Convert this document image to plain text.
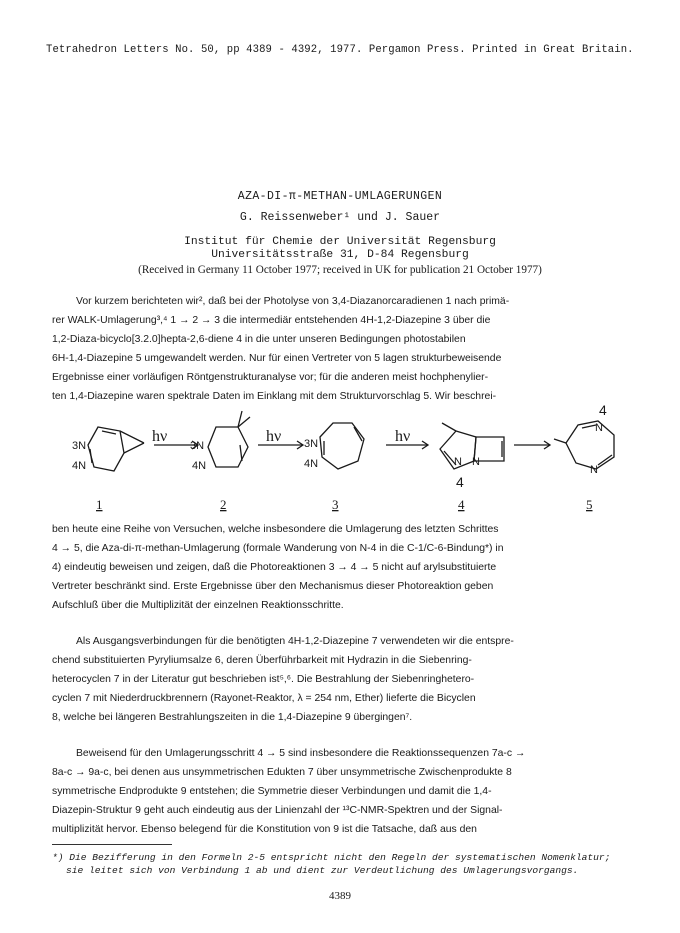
Tetrahedron Letters No. 50, pp 4389 - 4392, 1977. Pergamon Press. Printed in Great Britain.
AZA-DI-π-METHAN-UMLAGERUNGEN
G. Reissenweber¹ und J. Sauer
Institut für Chemie der Universität Regensburg
Universitätsstraße 31, D-84 Regensburg
(Received in Germany 11 October 1977; received in UK for publication 21 October 1977)
Vor kurzem berichteten wir², daß bei der Photolyse von 3,4-Diazanorcaradienen 1 nach primä-
rer WALK-Umlagerung³,⁴ 1 → 2 → 3 die intermediär entstehenden 4H-1,2-Diazepine 3 über die
1,2-Diaza-bicyclo[3.2.0]hepta-2,6-diene 4 in die unter unseren Bedingungen photostabilen
6H-1,4-Diazepine 5 umgewandelt werden. Nur für einen Vertreter von 5 lagen strukturbeweisende
Ergebnisse einer vorläufigen Röntgenstrukturanalyse vor; für die anderen meist hochphenylier-
ten 1,4-Diazepine waren spektrale Daten im Einklang mit dem Strukturvorschlag 5. Wir beschrei-
3N
4N
3N
4N
3N
4N	N N
N
N
4
4
hν	hν	hν
1	2	3	4	5
ben heute eine Reihe von Versuchen, welche insbesondere die Umlagerung des letzten Schrittes
4 → 5, die Aza-di-π-methan-Umlagerung (formale Wanderung von N-4 in die C-1/C-6-Bindung*) in
4) eindeutig beweisen und zeigen, daß die Photoreaktionen 3 → 4 → 5 nicht auf arylsubstituierte
Vertreter beschränkt sind. Erste Ergebnisse über den Mechanismus dieser Photoreaktion geben
Aufschluß über die Multiplizität der einzelnen Reaktionsschritte.
Als Ausgangsverbindungen für die benötigten 4H-1,2-Diazepine 7 verwendeten wir die entspre-
chend substituierten Pyryliumsalze 6, deren Überführbarkeit mit Hydrazin in die Siebenring-
heterocyclen 7 in der Literatur gut beschrieben ist⁵,⁶. Die Bestrahlung der Siebenringhetero-
cyclen 7 mit Niederdruckbrennern (Rayonet-Reaktor, λ = 254 nm, Ether) lieferte die Bicyclen
8, welche bei längeren Bestrahlungszeiten in die 1,4-Diazepine 9 übergingen⁷.
Beweisend für den Umlagerungsschritt 4 → 5 sind insbesondere die Reaktionssequenzen 7a-c →
8a-c → 9a-c, bei denen aus unsymmetrischen Edukten 7 über unsymmetrische Zwischenprodukte 8
symmetrische Endprodukte 9 entstehen; die Symmetrie dieser Verbindungen und damit die 1,4-
Diazepin-Struktur 9 geht auch eindeutig aus der Linienzahl der ¹³C-NMR-Spektren und der Signal-
multiplizität hervor. Ebenso belegend für die Konstitution von 9 ist die Tatsache, daß aus den
*) Die Bezifferung in den Formeln 2-5 entspricht nicht den Regeln der systematischen Nomenklatur;
sie leitet sich von Verbindung 1 ab und dient zur Verdeutlichung des Umlagerungsvorgangs.
4389
